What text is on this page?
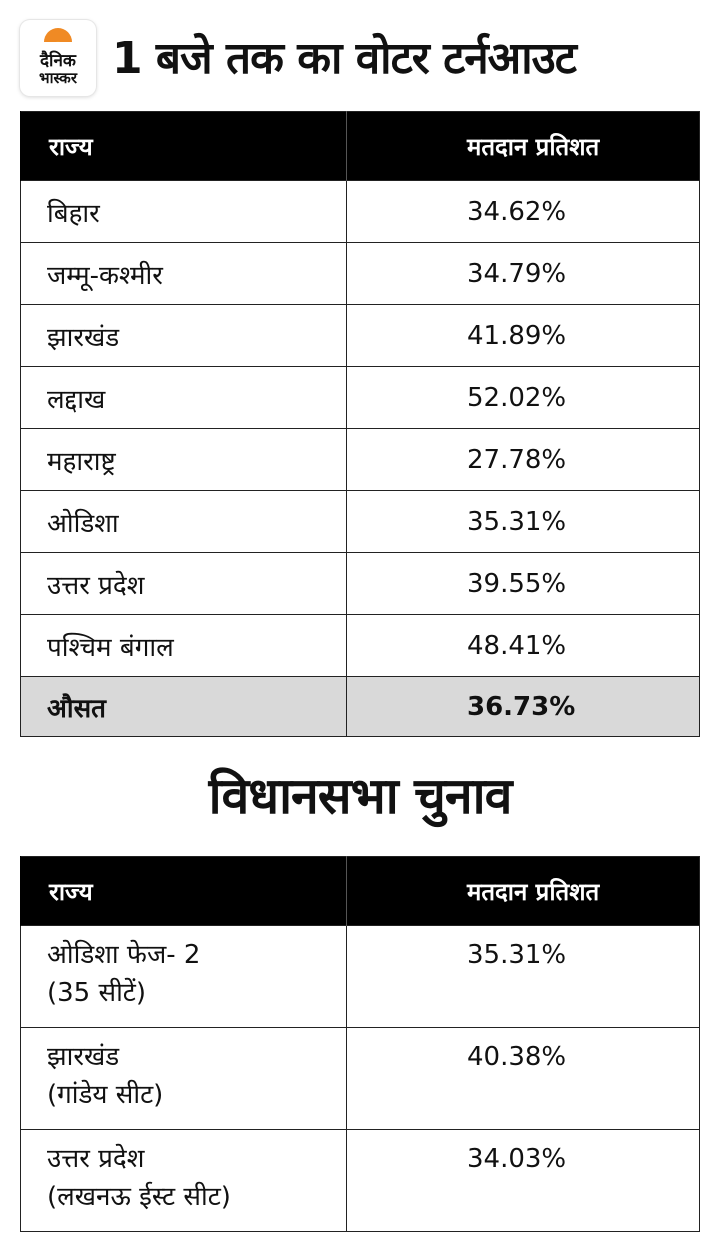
दैनिक
भास्कर 1 बजे तक का वोटर टर्नआउट
राज्य	मतदान प्रतिशत
बिहार	34.62%
जम्मू-कश्मीर	34.79%
झारखंड	41.89%
लद्दाख	52.02%
महाराष्ट्र	27.78%
ओडिशा	35.31%
उत्तर प्रदेश	39.55%
पश्चिम बंगाल	48.41%
औसत	36.73%
विधानसभा चुनाव
राज्य	मतदान प्रतिशत

ओडिशा फेज- 2
(35 सीटें)	35.31%

झारखंड
(गांडेय सीट)	40.38%

उत्तर प्रदेश
(लखनऊ ईस्ट सीट)	34.03%
